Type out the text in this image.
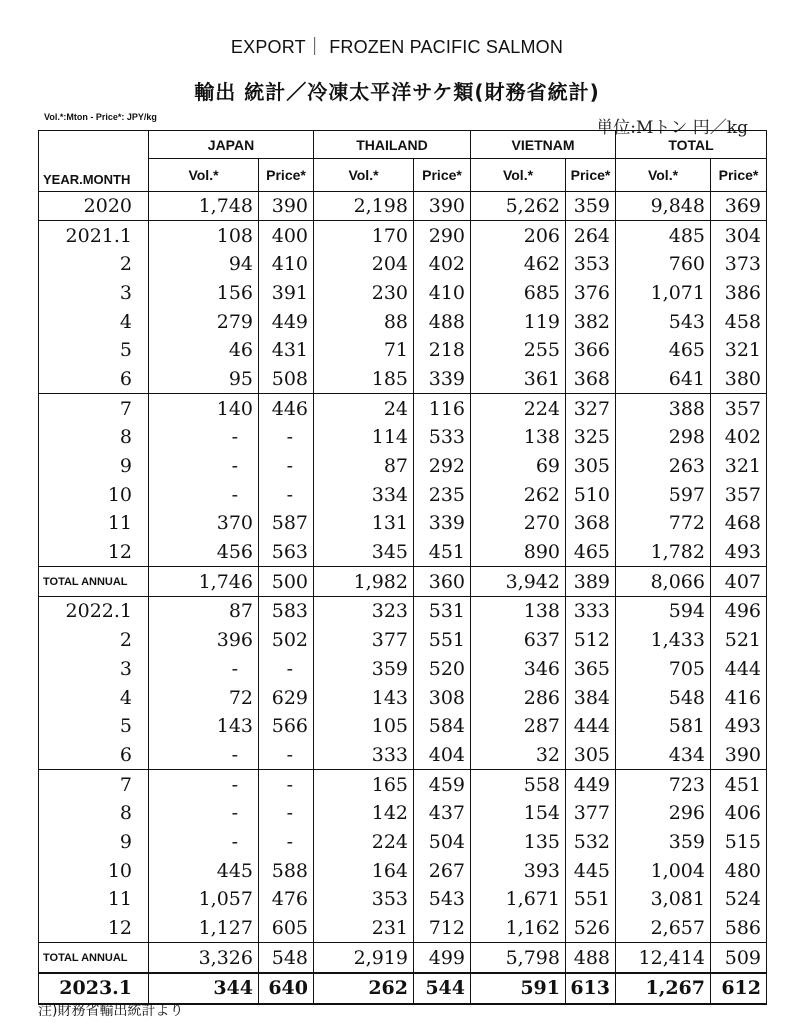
EXPORT｜ FROZEN PACIFIC SALMON
輸出 統計／冷凍太平洋サケ類(財務省統計)
Vol.*:Mton - Price*: JPY/kg
単位:Mトン 円／kg
	JAPAN		THAILAND		VIETNAM		TOTAL	
YEAR.MONTH	Vol.*	Price*	Vol.*	Price*	Vol.*	Price*	Vol.*	Price*
2020	1,748	390	2,198	390	5,262	359	9,848	369
2021.1	108	400	170	290	206	264	485	304
2	94	410	204	402	462	353	760	373
3	156	391	230	410	685	376	1,071	386
4	279	449	88	488	119	382	543	458
5	46	431	71	218	255	366	465	321
6	95	508	185	339	361	368	641	380
7	140	446	24	116	224	327	388	357
8	-	-	114	533	138	325	298	402
9	-	-	87	292	69	305	263	321
10	-	-	334	235	262	510	597	357
11	370	587	131	339	270	368	772	468
12	456	563	345	451	890	465	1,782	493
TOTAL ANNUAL	1,746	500	1,982	360	3,942	389	8,066	407
2022.1	87	583	323	531	138	333	594	496
2	396	502	377	551	637	512	1,433	521
3	-	-	359	520	346	365	705	444
4	72	629	143	308	286	384	548	416
5	143	566	105	584	287	444	581	493
6	-	-	333	404	32	305	434	390
7	-	-	165	459	558	449	723	451
8	-	-	142	437	154	377	296	406
9	-	-	224	504	135	532	359	515
10	445	588	164	267	393	445	1,004	480
11	1,057	476	353	543	1,671	551	3,081	524
12	1,127	605	231	712	1,162	526	2,657	586
TOTAL ANNUAL	3,326	548	2,919	499	5,798	488	12,414	509
2023.1	344	640	262	544	591	613	1,267	612
注)財務省輸出統計より
